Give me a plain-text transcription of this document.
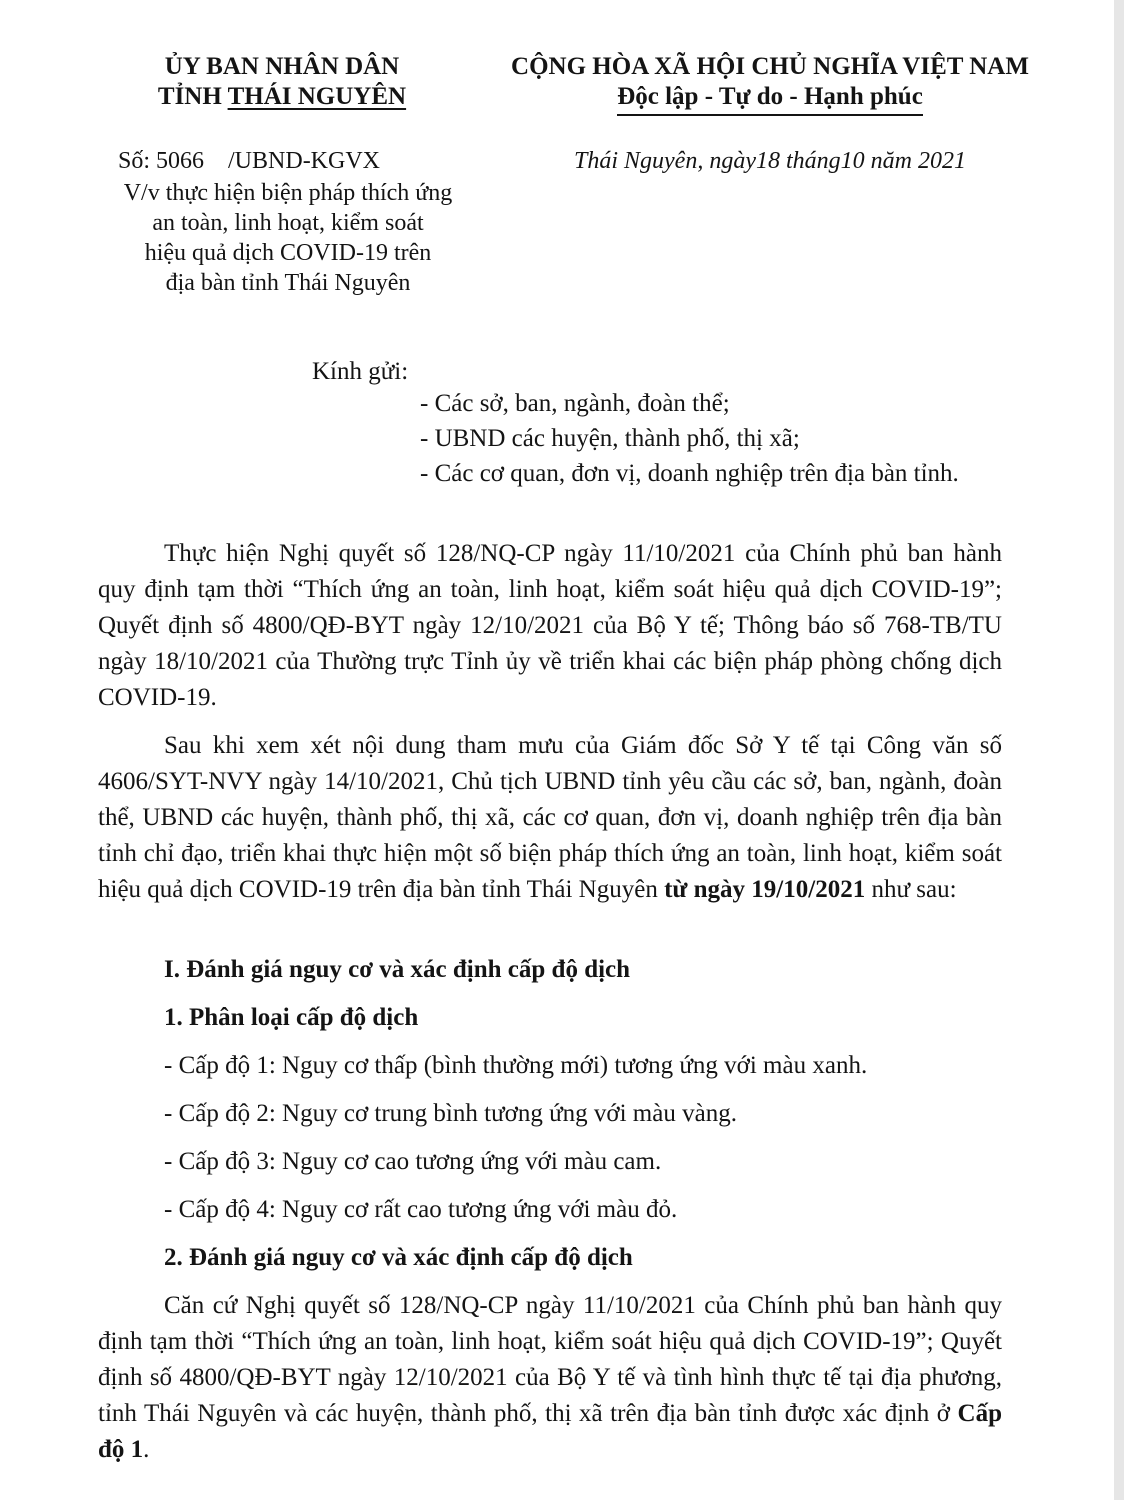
ỦY BAN NHÂN DÂN
TỈNH THÁI NGUYÊN
CỘNG HÒA XÃ HỘI CHỦ NGHĨA VIỆT NAM
Độc lập - Tự do - Hạnh phúc
Số: 5066    /UBND-KGVX
V/v thực hiện biện pháp thích ứng
an toàn, linh hoạt, kiểm soát
hiệu quả dịch COVID-19 trên
địa bàn tỉnh Thái Nguyên
Thái Nguyên, ngày18 tháng10 năm 2021
Kính gửi:
- Các sở, ban, ngành, đoàn thể;
- UBND các huyện, thành phố, thị xã;
- Các cơ quan, đơn vị, doanh nghiệp trên địa bàn tỉnh.

Thực hiện Nghị quyết số 128/NQ-CP ngày 11/10/2021 của Chính phủ ban hành quy định tạm thời “Thích ứng an toàn, linh hoạt, kiểm soát hiệu quả dịch COVID-19”; Quyết định số 4800/QĐ-BYT ngày 12/10/2021 của Bộ Y tế; Thông báo số 768-TB/TU ngày 18/10/2021 của Thường trực Tỉnh ủy về triển khai các biện pháp phòng chống dịch COVID-19.

Sau khi xem xét nội dung tham mưu của Giám đốc Sở Y tế tại Công văn số 4606/SYT-NVY ngày 14/10/2021, Chủ tịch UBND tỉnh yêu cầu các sở, ban, ngành, đoàn thể, UBND các huyện, thành phố, thị xã, các cơ quan, đơn vị, doanh nghiệp trên địa bàn tỉnh chỉ đạo, triển khai thực hiện một số biện pháp thích ứng an toàn, linh hoạt, kiểm soát hiệu quả dịch COVID-19 trên địa bàn tỉnh Thái Nguyên từ ngày 19/10/2021 như sau:

I. Đánh giá nguy cơ và xác định cấp độ dịch

1. Phân loại cấp độ dịch

- Cấp độ 1: Nguy cơ thấp (bình thường mới) tương ứng với màu xanh.

- Cấp độ 2: Nguy cơ trung bình tương ứng với màu vàng.

- Cấp độ 3: Nguy cơ cao tương ứng với màu cam.

- Cấp độ 4: Nguy cơ rất cao tương ứng với màu đỏ.

2. Đánh giá nguy cơ và xác định cấp độ dịch

Căn cứ Nghị quyết số 128/NQ-CP ngày 11/10/2021 của Chính phủ ban hành quy định tạm thời “Thích ứng an toàn, linh hoạt, kiểm soát hiệu quả dịch COVID-19”; Quyết định số 4800/QĐ-BYT ngày 12/10/2021 của Bộ Y tế và tình hình thực tế tại địa phương, tỉnh Thái Nguyên và các huyện, thành phố, thị xã trên địa bàn tỉnh được xác định ở Cấp độ 1.
